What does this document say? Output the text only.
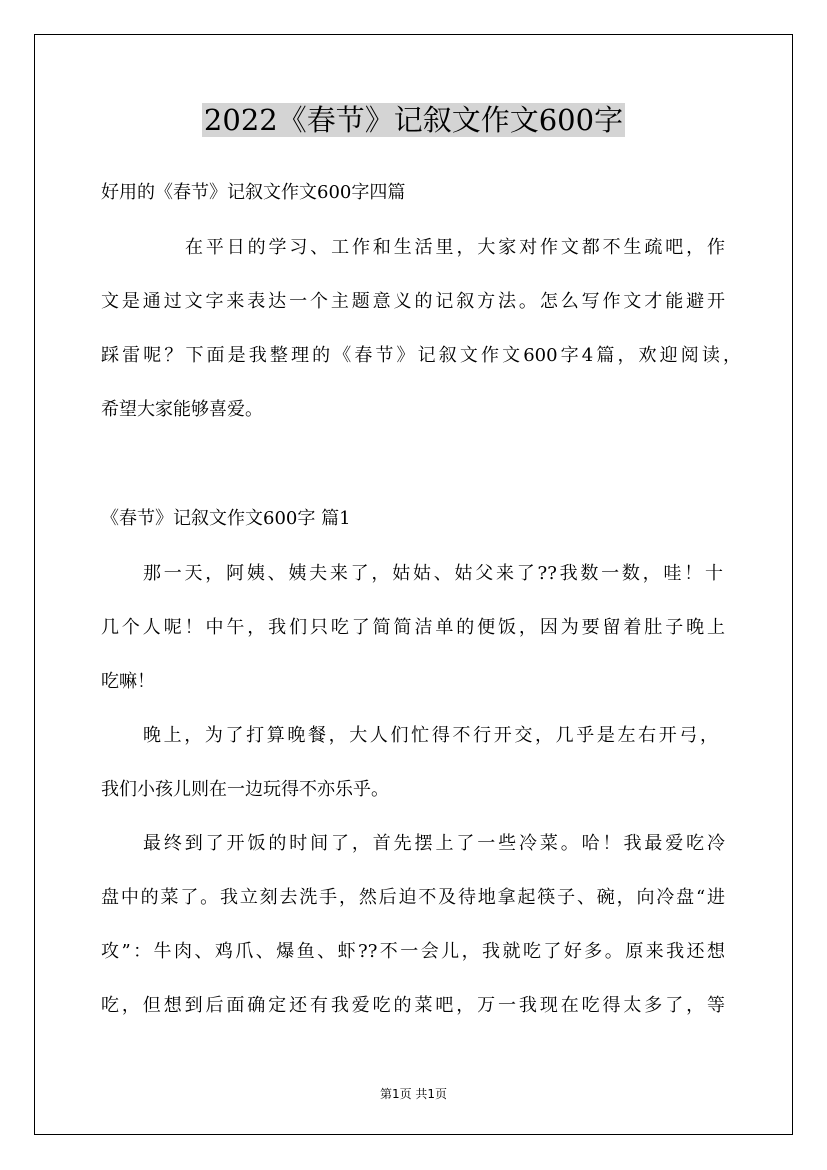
2022《春节》记叙文作文600字
好用的《春节》记叙文作文600字四篇
在平日的学习、工作和生活里，大家对作文都不生疏吧，作
文是通过文字来表达一个主题意义的记叙方法。怎么写作文才能避开
踩雷呢？下面是我整理的《春节》记叙文作文600字4篇，欢迎阅读，
希望大家能够喜爱。
《春节》记叙文作文600字 篇1
那一天，阿姨、姨夫来了，姑姑、姑父来了??我数一数，哇！十
几个人呢！中午，我们只吃了简简洁单的便饭，因为要留着肚子晚上
吃嘛！
晚上，为了打算晚餐，大人们忙得不行开交，几乎是左右开弓，
我们小孩儿则在一边玩得不亦乐乎。
最终到了开饭的时间了，首先摆上了一些冷菜。哈！我最爱吃冷
盘中的菜了。我立刻去洗手，然后迫不及待地拿起筷子、碗，向冷盘“进
攻”：牛肉、鸡爪、爆鱼、虾??不一会儿，我就吃了好多。原来我还想
吃，但想到后面确定还有我爱吃的菜吧，万一我现在吃得太多了，等
第1页 共1页
